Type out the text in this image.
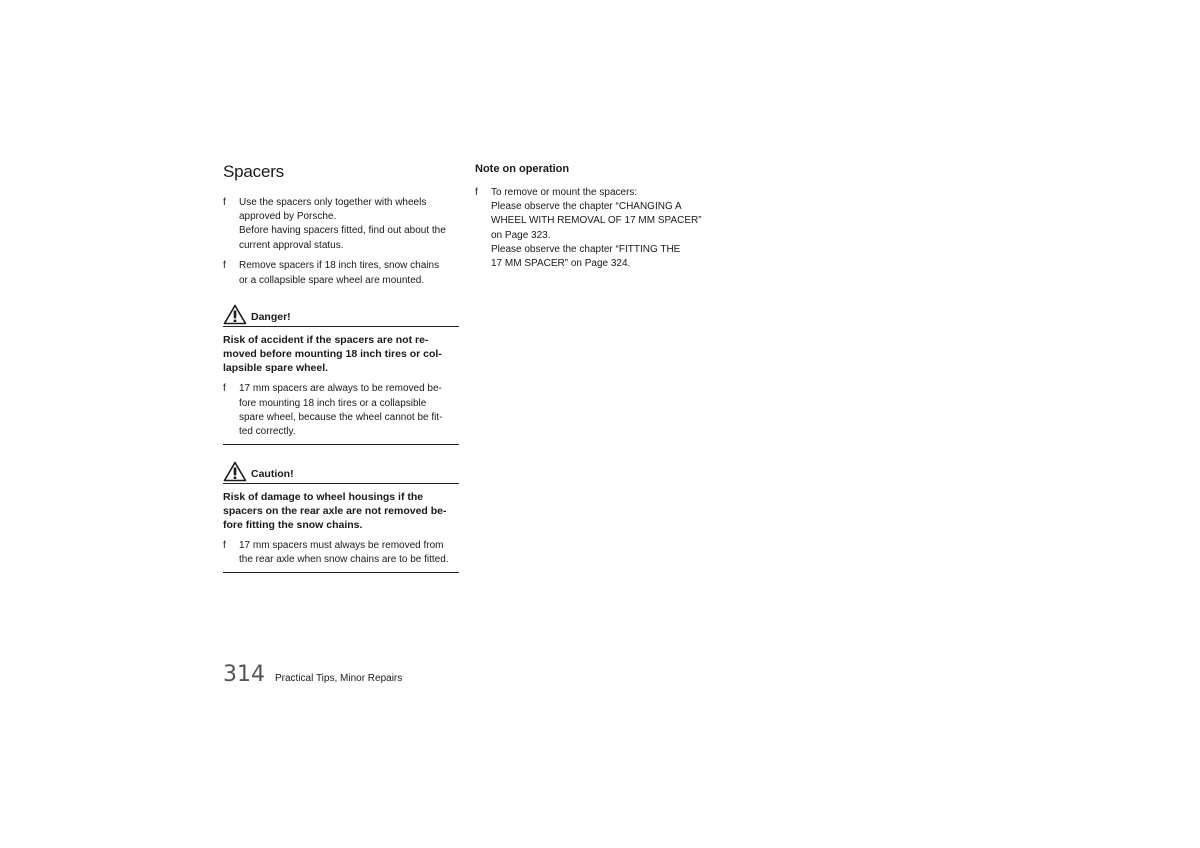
Spacers
f Use the spacers only together with wheels
approved by Porsche.
Before having spacers fitted, find out about the
current approval status.
f Remove spacers if 18 inch tires, snow chains
or a collapsible spare wheel are mounted.
Danger!
Risk of accident if the spacers are not re-
moved before mounting 18 inch tires or col-
lapsible spare wheel.
f 17 mm spacers are always to be removed be-
fore mounting 18 inch tires or a collapsible
spare wheel, because the wheel cannot be fit-
ted correctly.
Caution!
Risk of damage to wheel housings if the
spacers on the rear axle are not removed be-
fore fitting the snow chains.
f 17 mm spacers must always be removed from
the rear axle when snow chains are to be fitted.
Note on operation
f To remove or mount the spacers:
Please observe the chapter “CHANGING A
WHEEL WITH REMOVAL OF 17 MM SPACER”
on Page 323.
Please observe the chapter “FITTING THE
17 MM SPACER” on Page 324.
314 Practical Tips, Minor Repairs
